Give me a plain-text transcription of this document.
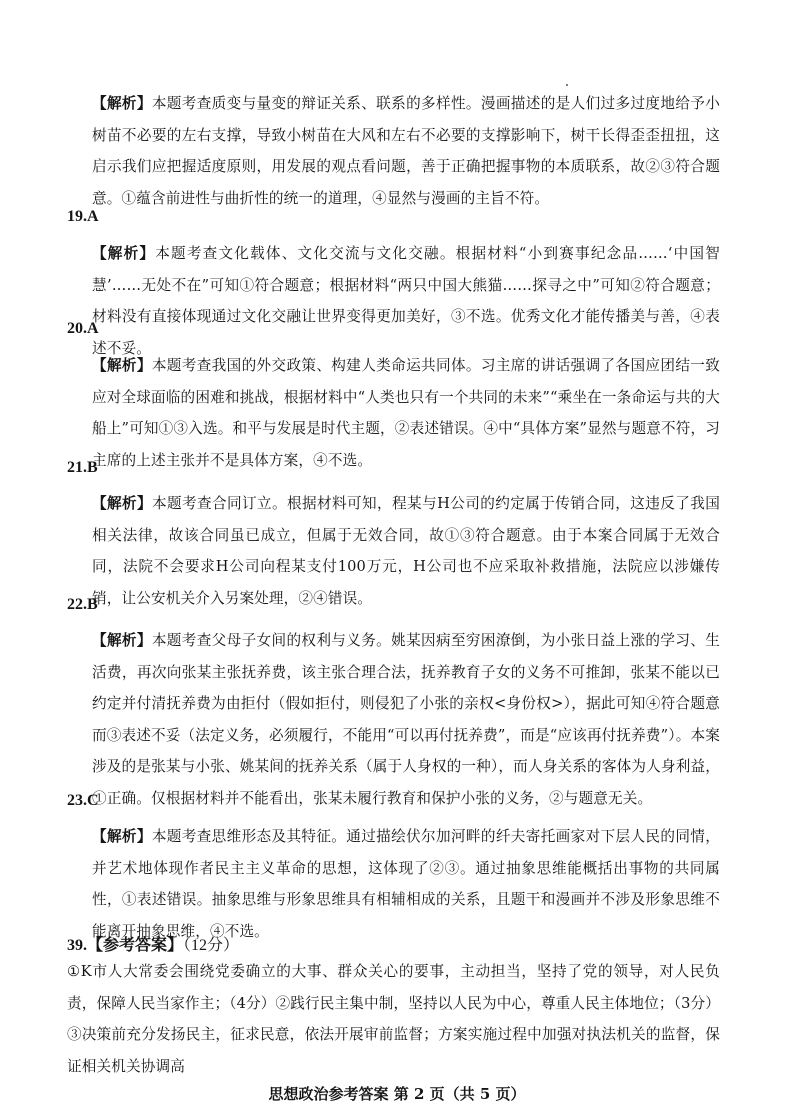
【解析】本题考查质变与量变的辩证关系、联系的多样性。漫画描述的是人们过多过度地给予小树苗不必要的左右支撑，导致小树苗在大风和左右不必要的支撑影响下，树干长得歪歪扭扭，这启示我们应把握适度原则，用发展的观点看问题，善于正确把握事物的本质联系，故②③符合题意。①蕴含前进性与曲折性的统一的道理，④显然与漫画的主旨不符。
19.A
【解析】本题考查文化载体、文化交流与文化交融。根据材料“小到赛事纪念品……‘中国智慧’……无处不在”可知①符合题意；根据材料“两只中国大熊猫……探寻之中”可知②符合题意；材料没有直接体现通过文化交融让世界变得更加美好，③不选。优秀文化才能传播美与善，④表述不妥。
20.A
【解析】本题考查我国的外交政策、构建人类命运共同体。习主席的讲话强调了各国应团结一致应对全球面临的困难和挑战，根据材料中“人类也只有一个共同的未来”“乘坐在一条命运与共的大船上”可知①③入选。和平与发展是时代主题，②表述错误。④中“具体方案”显然与题意不符，习主席的上述主张并不是具体方案，④不选。
21.B
【解析】本题考查合同订立。根据材料可知，程某与H公司的约定属于传销合同，这违反了我国相关法律，故该合同虽已成立，但属于无效合同，故①③符合题意。由于本案合同属于无效合同，法院不会要求H公司向程某支付100万元，H公司也不应采取补救措施，法院应以涉嫌传销，让公安机关介入另案处理，②④错误。
22.B
【解析】本题考查父母子女间的权利与义务。姚某因病至穷困潦倒，为小张日益上涨的学习、生活费，再次向张某主张抚养费，该主张合理合法，抚养教育子女的义务不可推卸，张某不能以已约定并付清抚养费为由拒付（假如拒付，则侵犯了小张的亲权<身份权>），据此可知④符合题意而③表述不妥（法定义务，必须履行，不能用“可以再付抚养费”，而是“应该再付抚养费”）。本案涉及的是张某与小张、姚某间的抚养关系（属于人身权的一种），而人身关系的客体为人身利益，①正确。仅根据材料并不能看出，张某未履行教育和保护小张的义务，②与题意无关。
23.C
【解析】本题考查思维形态及其特征。通过描绘伏尔加河畔的纤夫寄托画家对下层人民的同情，并艺术地体现作者民主主义革命的思想，这体现了②③。通过抽象思维能概括出事物的共同属性，①表述错误。抽象思维与形象思维具有相辅相成的关系，且题干和漫画并不涉及形象思维不能离开抽象思维，④不选。
39.【参考答案】（12分）
①K市人大常委会围绕党委确立的大事、群众关心的要事，主动担当，坚持了党的领导，对人民负责，保障人民当家作主；（4分）②践行民主集中制，坚持以人民为中心，尊重人民主体地位；（3分）③决策前充分发扬民主，征求民意，依法开展审前监督；方案实施过程中加强对执法机关的监督，保证相关机关协调高
思想政治参考答案 第 2 页（共 5 页）
